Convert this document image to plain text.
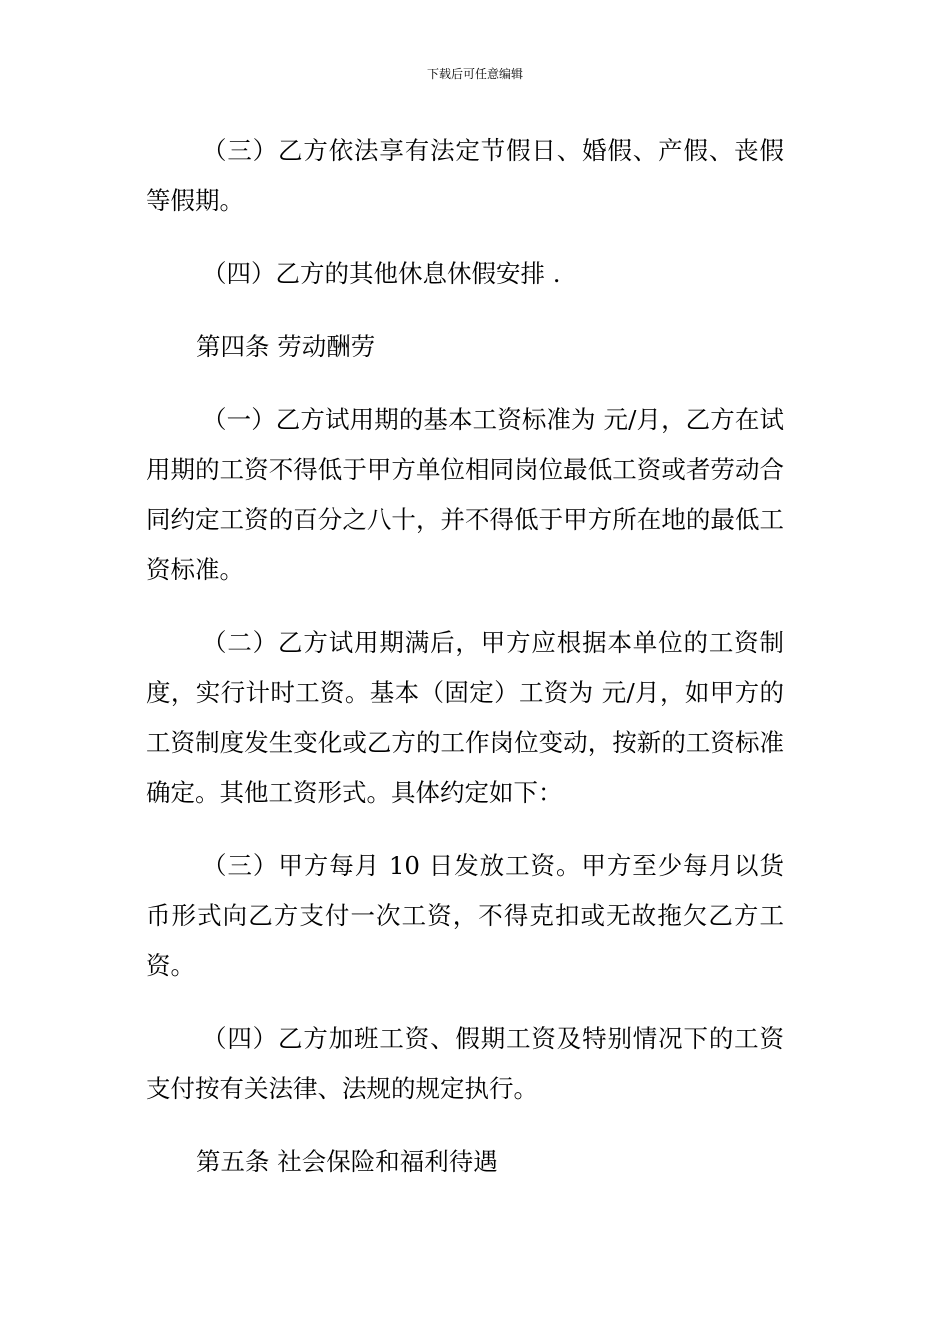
下载后可任意编辑

（三）乙方依法享有法定节假日、婚假、产假、丧假等假期。

（四）乙方的其他休息休假安排 .

第四条 劳动酬劳

（一）乙方试用期的基本工资标准为 元/月，乙方在试用期的工资不得低于甲方单位相同岗位最低工资或者劳动合同约定工资的百分之八十，并不得低于甲方所在地的最低工资标准。

（二）乙方试用期满后，甲方应根据本单位的工资制度，实行计时工资。基本（固定）工资为 元/月，如甲方的工资制度发生变化或乙方的工作岗位变动，按新的工资标准确定。其他工资形式。具体约定如下：

（三）甲方每月 10 日发放工资。甲方至少每月以货币形式向乙方支付一次工资，不得克扣或无故拖欠乙方工资。

（四）乙方加班工资、假期工资及特别情况下的工资支付按有关法律、法规的规定执行。

第五条 社会保险和福利待遇
